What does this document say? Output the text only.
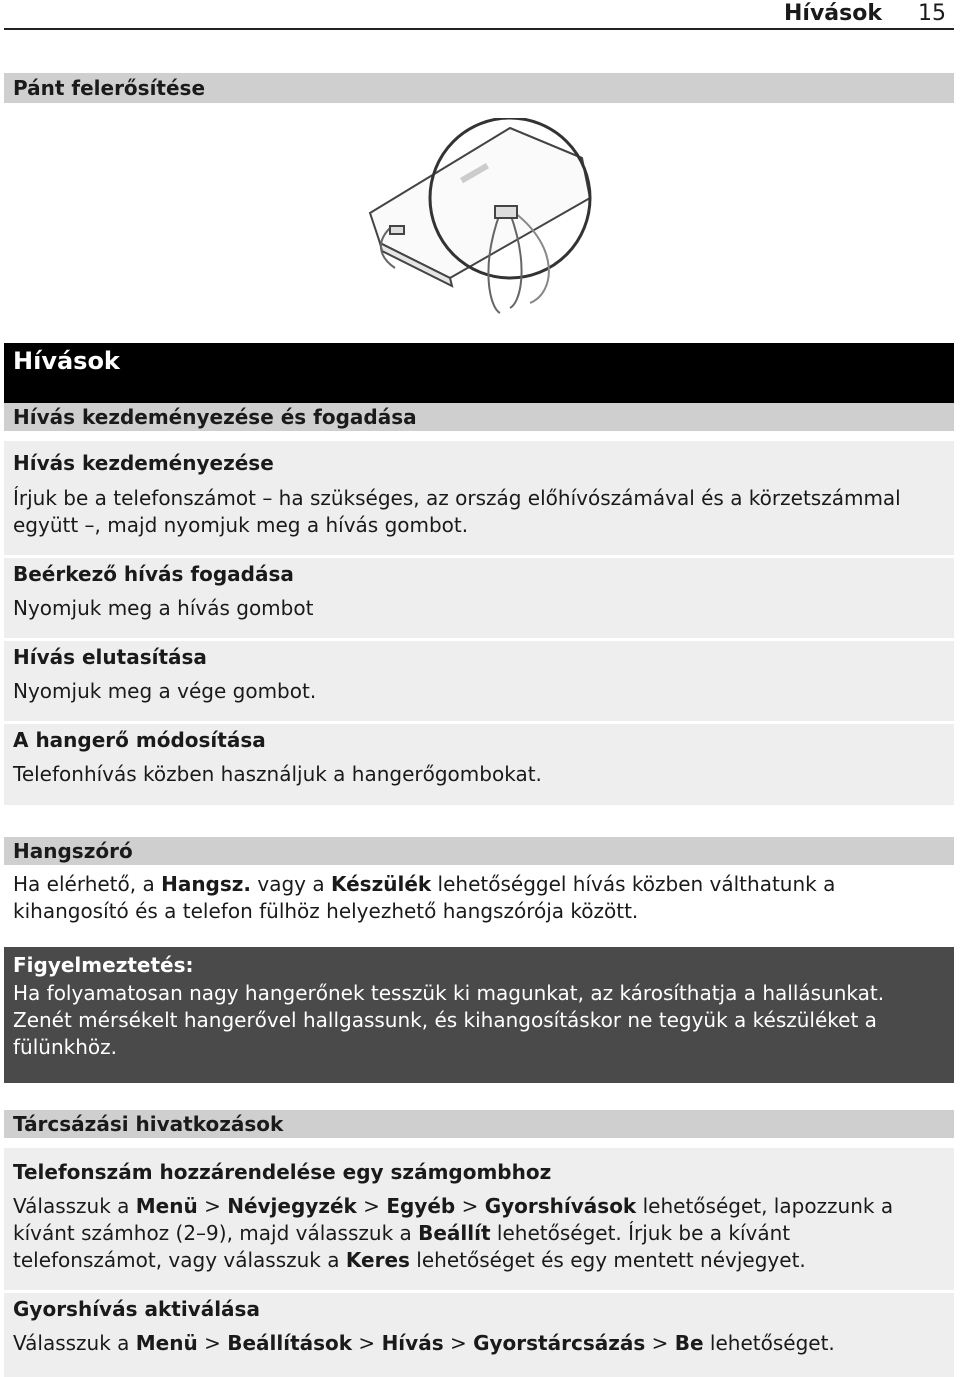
Hívások 15
Pánt felerősítése
Hívások
Hívás kezdeményezése és fogadása
Hívás kezdeményezése
Írjuk be a telefonszámot – ha szükséges, az ország előhívószámával és a körzetszámmal
együtt –, majd nyomjuk meg a hívás gombot.
Beérkező hívás fogadása
Nyomjuk meg a hívás gombot
Hívás elutasítása
Nyomjuk meg a vége gombot.
A hangerő módosítása
Telefonhívás közben használjuk a hangerőgombokat.
Hangszóró
Ha elérhető, a Hangsz. vagy a Készülék lehetőséggel hívás közben válthatunk a
kihangosító és a telefon fülhöz helyezhető hangszórója között.
Figyelmeztetés:
Ha folyamatosan nagy hangerőnek tesszük ki magunkat, az károsíthatja a hallásunkat.
Zenét mérsékelt hangerővel hallgassunk, és kihangosításkor ne tegyük a készüléket a
fülünkhöz.
Tárcsázási hivatkozások
Telefonszám hozzárendelése egy számgombhoz
Válasszuk a Menü > Névjegyzék > Egyéb > Gyorshívások lehetőséget, lapozzunk a
kívánt számhoz (2–9), majd válasszuk a Beállít lehetőséget. Írjuk be a kívánt
telefonszámot, vagy válasszuk a Keres lehetőséget és egy mentett névjegyet.
Gyorshívás aktiválása
Válasszuk a Menü > Beállítások > Hívás > Gyorstárcsázás > Be lehetőséget.
